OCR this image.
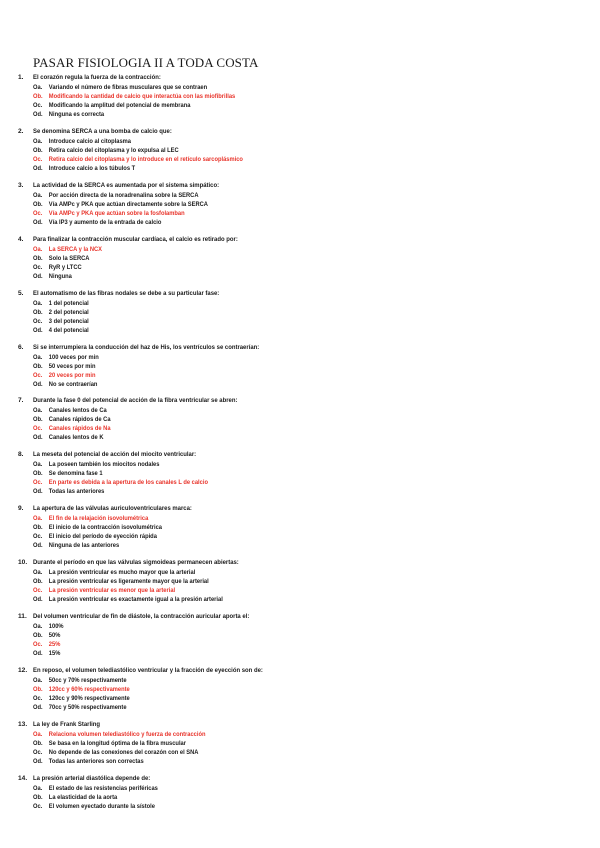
PASAR FISIOLOGIA II A TODA COSTA
1. El corazón regula la fuerza de la contracción:
Oa. Variando el número de fibras musculares que se contraen
Ob. Modificando la cantidad de calcio que interactúa con las miofibrillas
Oc. Modificando la amplitud del potencial de membrana
Od. Ninguna es correcta
2. Se denomina SERCA a una bomba de calcio que:
Oa. Introduce calcio al citoplasma
Ob. Retira calcio del citoplasma y lo expulsa al LEC
Oc. Retira calcio del citoplasma y lo introduce en el retículo sarcoplásmico
Od. Introduce calcio a los túbulos T
3. La actividad de la SERCA es aumentada por el sistema simpático:
Oa. Por acción directa de la noradrenalina sobre la SERCA
Ob. Vía AMPc y PKA que actúan directamente sobre la SERCA
Oc. Vía AMPc y PKA que actúan sobre la fosfolamban
Od. Vía IP3 y aumento de la entrada de calcio
4. Para finalizar la contracción muscular cardíaca, el calcio es retirado por:
Oa. La SERCA y la NCX
Ob. Solo la SERCA
Oc. RyR y LTCC
Od. Ninguna
5. El automatismo de las fibras nodales se debe a su particular fase:
Oa. 1 del potencial
Ob. 2 del potencial
Oc. 3 del potencial
Od. 4 del potencial
6. Si se interrumpiera la conducción del haz de His, los ventrículos se contraerían:
Oa. 100 veces por min
Ob. 50 veces por min
Oc. 20 veces por min
Od. No se contraerían
7. Durante la fase 0 del potencial de acción de la fibra ventricular se abren:
Oa. Canales lentos de Ca
Ob. Canales rápidos de Ca
Oc. Canales rápidos de Na
Od. Canales lentos de K
8. La meseta del potencial de acción del miocito ventricular:
Oa. La poseen también los miocitos nodales
Ob. Se denomina fase 1
Oc. En parte es debida a la apertura de los canales L de calcio
Od. Todas las anteriores
9. La apertura de las válvulas auriculoventriculares marca:
Oa. El fin de la relajación isovolumétrica
Ob. El inicio de la contracción isovolumétrica
Oc. El inicio del período de eyección rápida
Od. Ninguna de las anteriores
10. Durante el período en que las válvulas sigmoideas permanecen abiertas:
Oa. La presión ventricular es mucho mayor que la arterial
Ob. La presión ventricular es ligeramente mayor que la arterial
Oc. La presión ventricular es menor que la arterial
Od. La presión ventricular es exactamente igual a la presión arterial
11. Del volumen ventricular de fin de diástole, la contracción auricular aporta el:
Oa. 100%
Ob. 50%
Oc. 25%
Od. 15%
12. En reposo, el volumen telediastólico ventricular y la fracción de eyección son de:
Oa. 50cc y 70% respectivamente
Ob. 120cc y 60% respectivamente
Oc. 120cc y 90% respectivamente
Od. 70cc y 50% respectivamente
13. La ley de Frank Starling
Oa. Relaciona volumen telediastólico y fuerza de contracción
Ob. Se basa en la longitud óptima de la fibra muscular
Oc. No depende de las conexiones del corazón con el SNA
Od. Todas las anteriores son correctas
14. La presión arterial diastólica depende de:
Oa. El estado de las resistencias periféricas
Ob. La elasticidad de la aorta
Oc. El volumen eyectado durante la sístole
